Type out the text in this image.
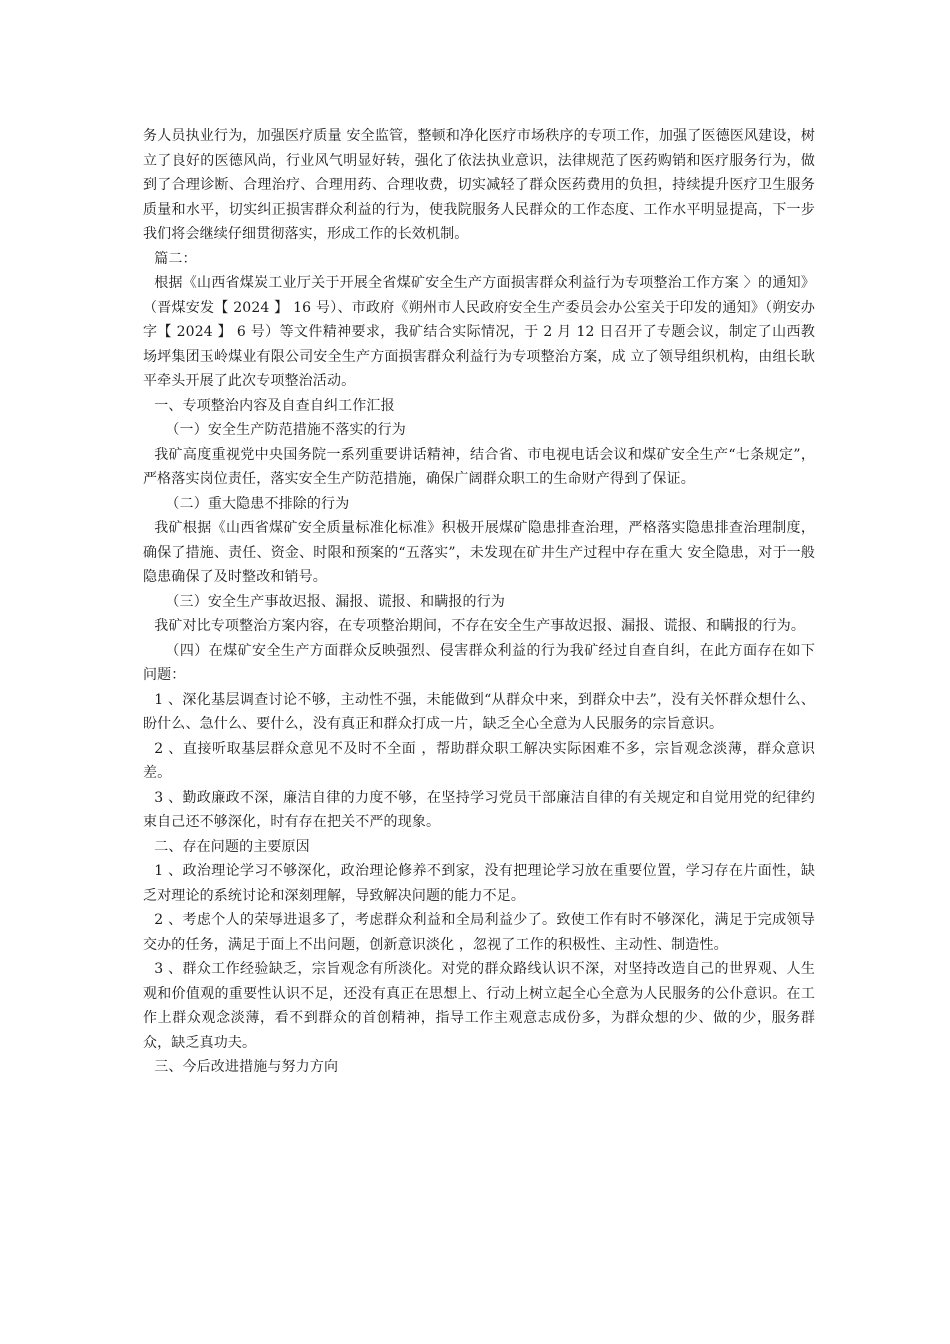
务人员执业行为，加强医疗质量 安全监管，整顿和净化医疗市场秩序的专项工作，加强了医德医风建设，树立了良好的医德风尚，行业风气明显好转，强化了依法执业意识，法律规范了医药购销和医疗服务行为，做到了合理诊断、合理治疗、合理用药、合理收费，切实减轻了群众医药费用的负担，持续提升医疗卫生服务质量和水平，切实纠正损害群众利益的行为，使我院服务人民群众的工作态度、工作水平明显提高，下一步我们将会继续仔细贯彻落实，形成工作的长效机制。

篇二：

根据《山西省煤炭工业厅关于开展全省煤矿安全生产方面损害群众利益行为专项整治工作方案 〉的通知》（晋煤安发【 2024 】 16 号）、市政府《朔州市人民政府安全生产委员会办公室关于印发的通知》（朔安办字【 2024 】 6 号）等文件精神要求，我矿结合实际情况，于 2 月 12 日召开了专题会议，制定了山西教场坪集团玉岭煤业有限公司安全生产方面损害群众利益行为专项整治方案，成 立了领导组织机构，由组长耿平牵头开展了此次专项整治活动。

一、专项整治内容及自查自纠工作汇报

（一）安全生产防范措施不落实的行为

我矿高度重视党中央国务院一系列重要讲话精神，结合省、市电视电话会议和煤矿安全生产“七条规定”，严格落实岗位责任，落实安全生产防范措施，确保广阔群众职工的生命财产得到了保证。

（二）重大隐患不排除的行为

我矿根据《山西省煤矿安全质量标准化标准》积极开展煤矿隐患排查治理，严格落实隐患排查治理制度，确保了措施、责任、资金、时限和预案的“五落实”，未发现在矿井生产过程中存在重大 安全隐患，对于一般隐患确保了及时整改和销号。

（三）安全生产事故迟报、漏报、谎报、和瞒报的行为

我矿对比专项整治方案内容，在专项整治期间，不存在安全生产事故迟报、漏报、谎报、和瞒报的行为。

（四）在煤矿安全生产方面群众反映强烈、侵害群众利益的行为我矿经过自查自纠，在此方面存在如下问题：

1 、深化基层调查讨论不够，主动性不强，未能做到“从群众中来，到群众中去”，没有关怀群众想什么、盼什么、急什么、要什么，没有真正和群众打成一片，缺乏全心全意为人民服务的宗旨意识。

2 、直接听取基层群众意见不及时不全面 ，帮助群众职工解决实际困难不多，宗旨观念淡薄，群众意识差。

3 、勤政廉政不深，廉洁自律的力度不够，在坚持学习党员干部廉洁自律的有关规定和自觉用党的纪律约束自己还不够深化，时有存在把关不严的现象。

二、存在问题的主要原因

1 、政治理论学习不够深化，政治理论修养不到家，没有把理论学习放在重要位置，学习存在片面性，缺乏对理论的系统讨论和深刻理解，导致解决问题的能力不足。

2 、考虑个人的荣辱进退多了，考虑群众利益和全局利益少了。致使工作有时不够深化，满足于完成领导交办的任务，满足于面上不出问题，创新意识淡化 ，忽视了工作的积极性、主动性、制造性。

3 、群众工作经验缺乏，宗旨观念有所淡化。对党的群众路线认识不深，对坚持改造自己的世界观、人生观和价值观的重要性认识不足，还没有真正在思想上、行动上树立起全心全意为人民服务的公仆意识。在工作上群众观念淡薄，看不到群众的首创精神，指导工作主观意志成份多，为群众想的少、做的少，服务群众，缺乏真功夫。

三、今后改进措施与努力方向
